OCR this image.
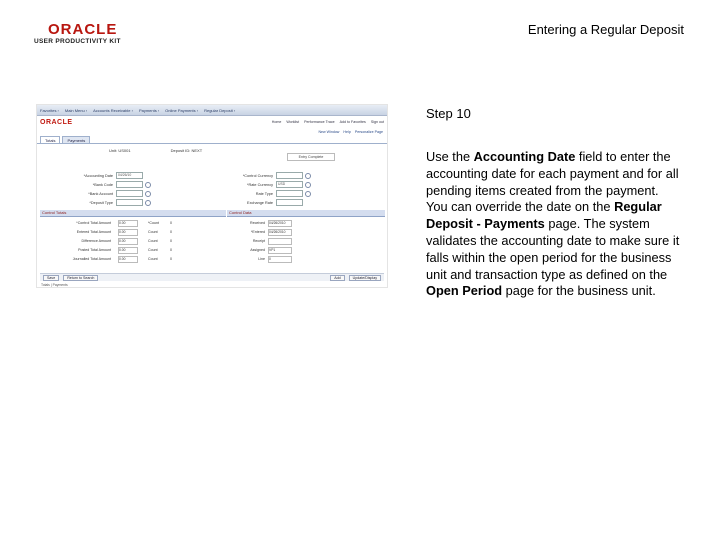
ORACLE
USER PRODUCTIVITY KIT
Entering a Regular Deposit
Favorites › Main Menu › Accounts Receivable › Payments › Online Payments › Regular Deposit ›
ORACLE	Home Worklist Performance Trace Add to Favorites Sign out
New Window Help Personalize Page
Totals	Payments
Unit: US001	Deposit ID: NEXT
Entry Complete
*Accounting Date	04/26/10
*Bank Code
*Bank Account
*Deposit Type
*Control Currency
*Rate Currency	USD
Rate Type
Exchange Rate
Control Totals	Control Data
*Control Total Amount	0.00	*Count	0
Entered Total Amount	0.00	Count	0
Difference Amount	0.00	Count	0
Posted Total Amount	0.00	Count	0
Journalled Total Amount	0.00	Count	0
Received	04/26/2010
*Entered	04/26/2010
Receipt
Assigned	VP1
Line	0
Save	Return to Search	Add	Update/Display
Totals | Payments
Step 10
Use the Accounting Date field to enter the accounting date for each payment and for all pending items created from the payment. You can override the date on the Regular Deposit - Payments page. The system validates the accounting date to make sure it falls within the open period for the business unit and transaction type as defined on the Open Period page for the business unit.
